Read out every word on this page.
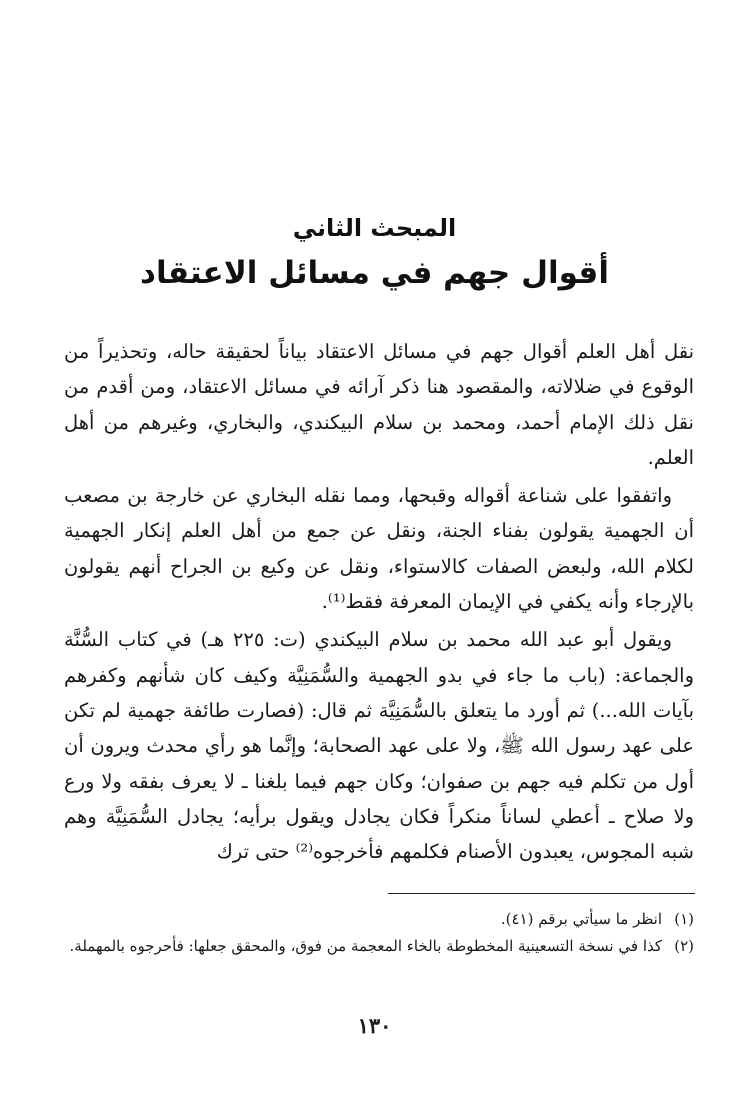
المبحث الثاني
أقوال جهم في مسائل الاعتقاد

نقل أهل العلم أقوال جهم في مسائل الاعتقاد بياناً لحقيقة حاله، وتحذيراً من الوقوع في ضلالاته، والمقصود هنا ذكر آرائه في مسائل الاعتقاد، ومن أقدم من نقل ذلك الإمام أحمد، ومحمد بن سلام البيكندي، والبخاري، وغيرهم من أهل العلم.

واتفقوا على شناعة أقواله وقبحها، ومما نقله البخاري عن خارجة بن مصعب أن الجهمية يقولون بفناء الجنة، ونقل عن جمع من أهل العلم إنكار الجهمية لكلام الله، ولبعض الصفات كالاستواء، ونقل عن وكيع بن الجراح أنهم يقولون بالإرجاء وأنه يكفي في الإيمان المعرفة فقط⁽¹⁾.

ويقول أبو عبد الله محمد بن سلام البيكندي (ت: ٢٢٥ هـ) في كتاب السُّنَّة والجماعة: (باب ما جاء في بدو الجهمية والسُّمَنِيَّة وكيف كان شأنهم وكفرهم بآيات الله...) ثم أورد ما يتعلق بالسُّمَنِيَّة ثم قال: (فصارت طائفة جهمية لم تكن على عهد رسول الله ﷺ، ولا على عهد الصحابة؛ وإنَّما هو رأي محدث ويرون أن أول من تكلم فيه جهم بن صفوان؛ وكان جهم فيما بلغنا ـ لا يعرف بفقه ولا ورع ولا صلاح ـ أعطي لساناً منكراً فكان يجادل ويقول برأيه؛ يجادل السُّمَنِيَّة وهم شبه المجوس، يعبدون الأصنام فكلمهم فأخرجوه⁽²⁾ حتى ترك

(١)
انظر ما سيأتي برقم (٤١).
(٢)
كذا في نسخة التسعينية المخطوطة بالخاء المعجمة من فوق، والمحقق جعلها: فأحرجوه بالمهملة.
١٣٠
